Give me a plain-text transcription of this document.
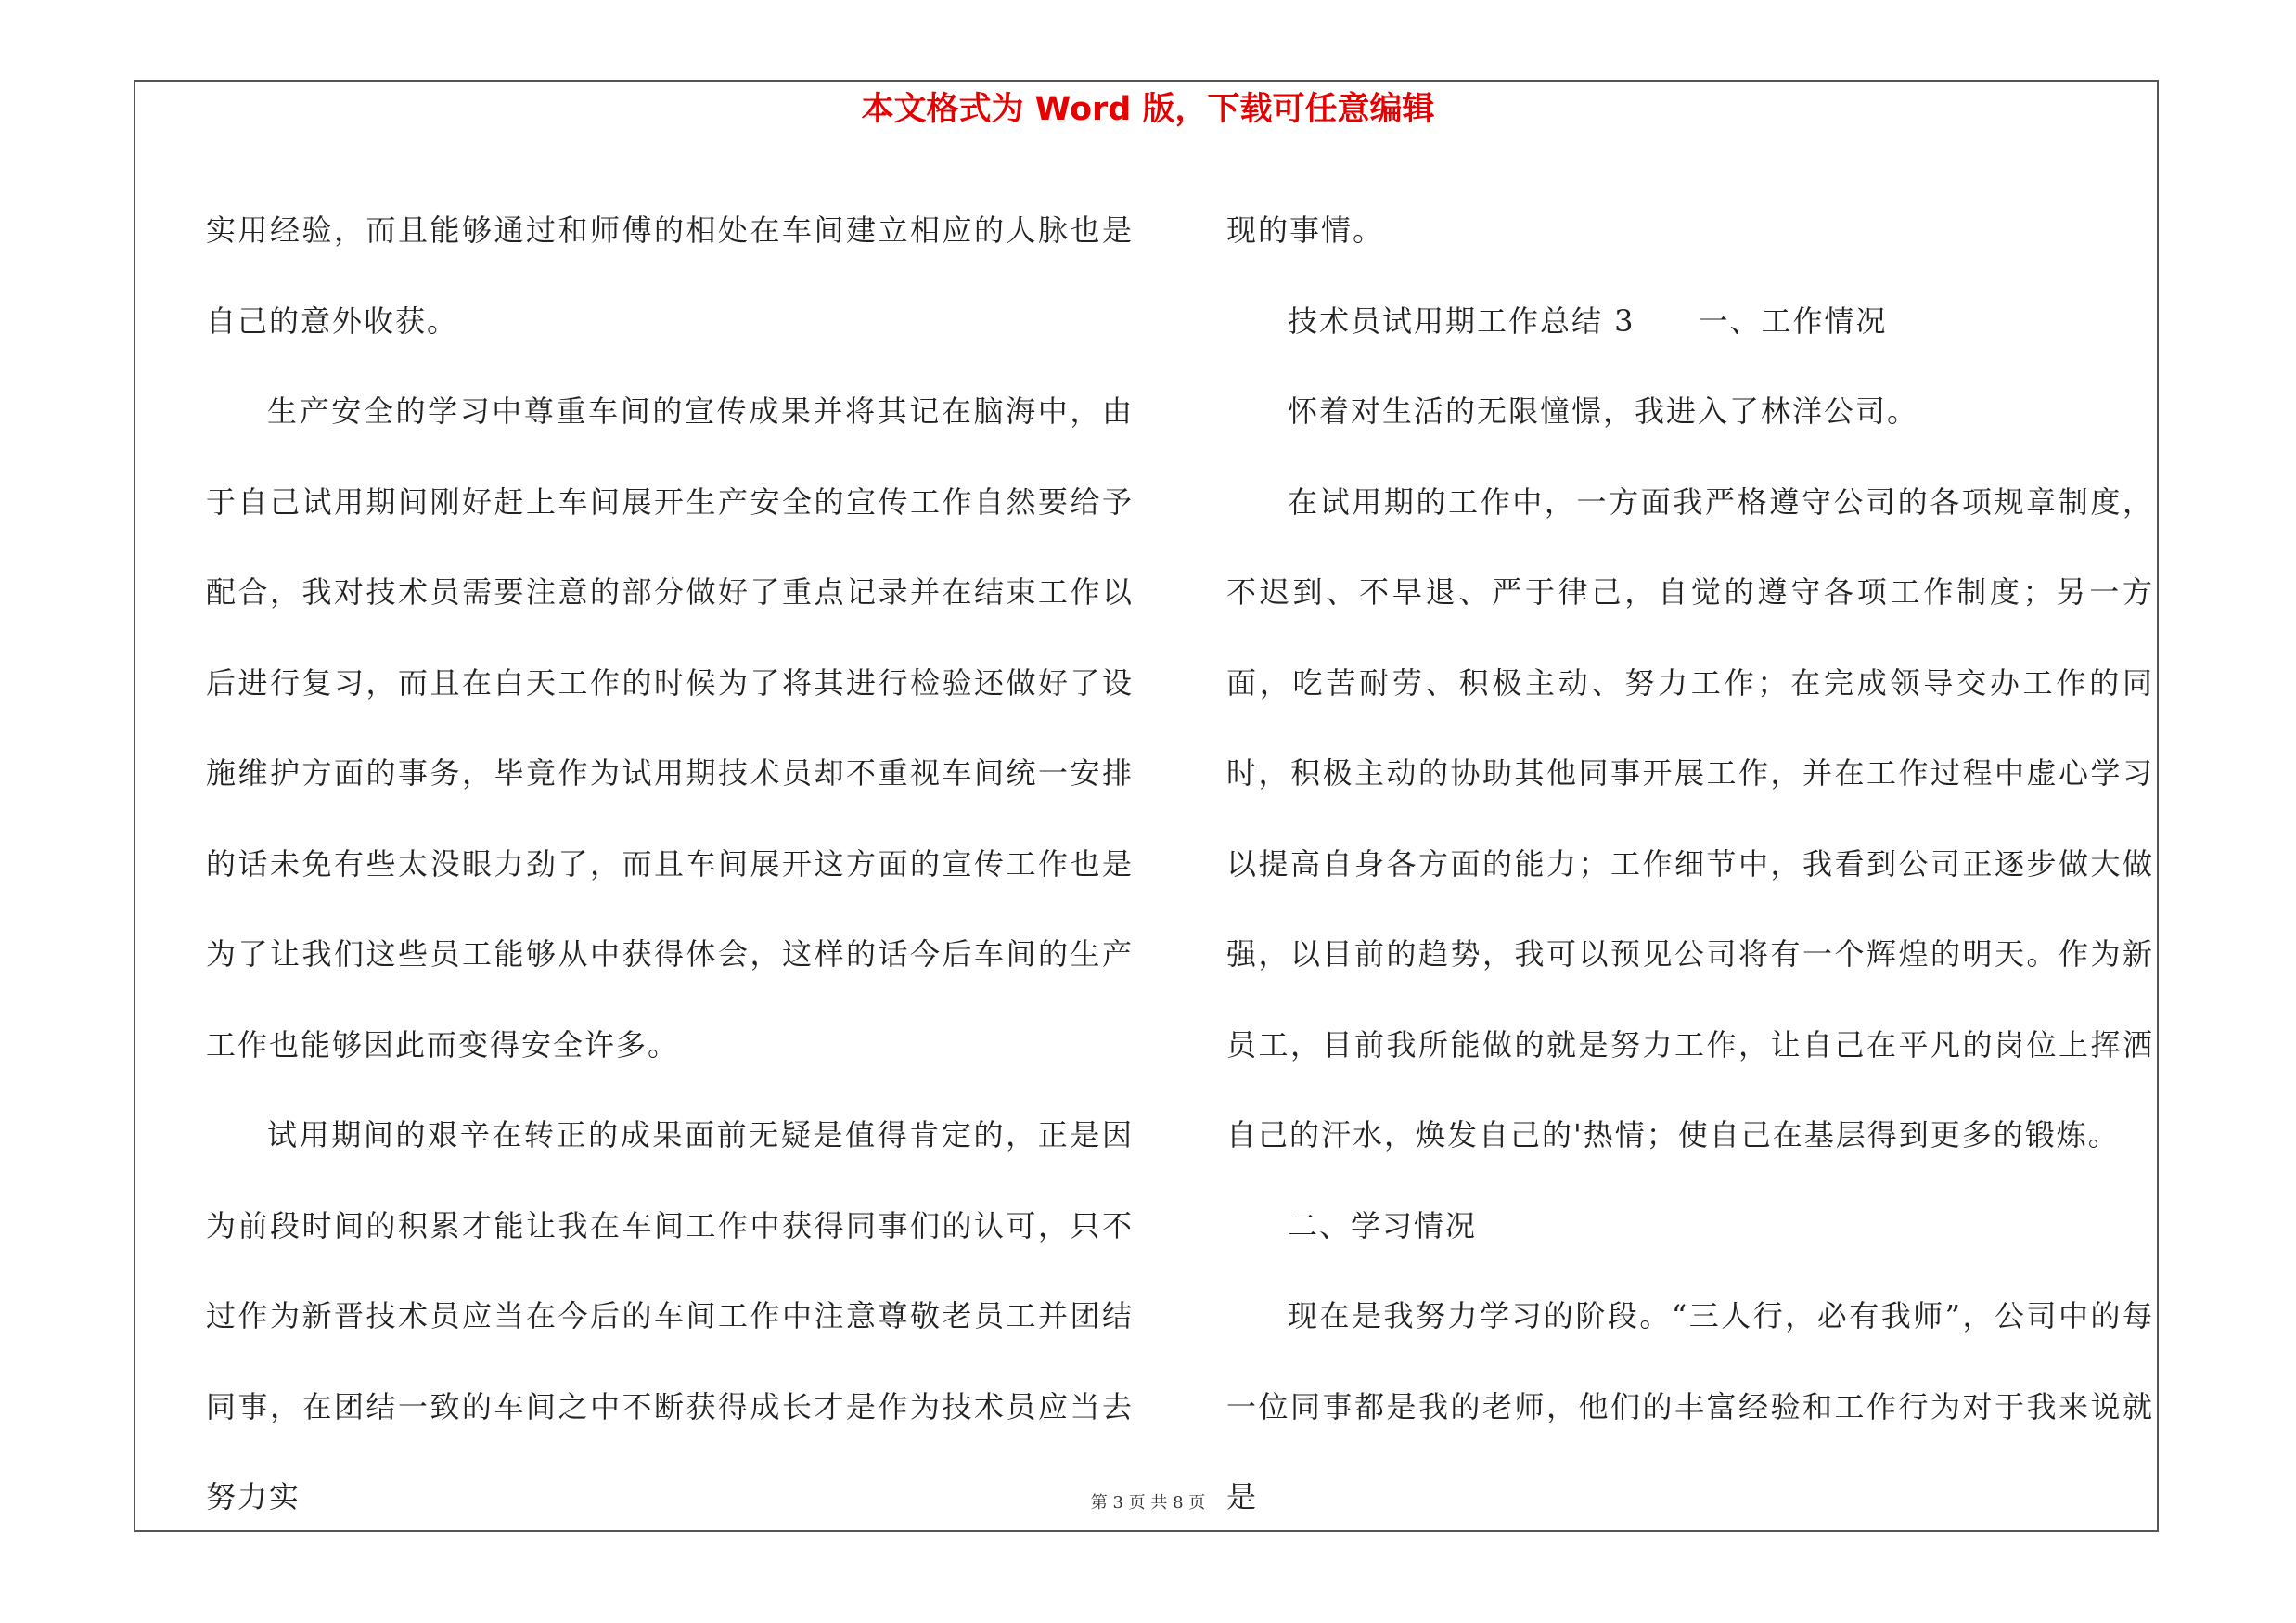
本文格式为 Word 版，下载可任意编辑

实用经验，而且能够通过和师傅的相处在车间建立相应的人脉也是自己的意外收获。

生产安全的学习中尊重车间的宣传成果并将其记在脑海中，由于自己试用期间刚好赶上车间展开生产安全的宣传工作自然要给予配合，我对技术员需要注意的部分做好了重点记录并在结束工作以后进行复习，而且在白天工作的时候为了将其进行检验还做好了设施维护方面的事务，毕竟作为试用期技术员却不重视车间统一安排的话未免有些太没眼力劲了，而且车间展开这方面的宣传工作也是为了让我们这些员工能够从中获得体会，这样的话今后车间的生产工作也能够因此而变得安全许多。

试用期间的艰辛在转正的成果面前无疑是值得肯定的，正是因为前段时间的积累才能让我在车间工作中获得同事们的认可，只不过作为新晋技术员应当在今后的车间工作中注意尊敬老员工并团结同事，在团结一致的车间之中不断获得成长才是作为技术员应当去努力实

现的事情。

技术员试用期工作总结 3　　一、工作情况

怀着对生活的无限憧憬，我进入了林洋公司。

在试用期的工作中，一方面我严格遵守公司的各项规章制度，不迟到、不早退、严于律己，自觉的遵守各项工作制度；另一方面，吃苦耐劳、积极主动、努力工作；在完成领导交办工作的同时，积极主动的协助其他同事开展工作，并在工作过程中虚心学习以提高自身各方面的能力；工作细节中，我看到公司正逐步做大做强，以目前的趋势，我可以预见公司将有一个辉煌的明天。作为新员工，目前我所能做的就是努力工作，让自己在平凡的岗位上挥洒自己的汗水，焕发自己的'热情；使自己在基层得到更多的锻炼。

二、学习情况

现在是我努力学习的阶段。“三人行，必有我师”，公司中的每一位同事都是我的老师，他们的丰富经验和工作行为对于我来说就是

第 3 页 共 8 页
